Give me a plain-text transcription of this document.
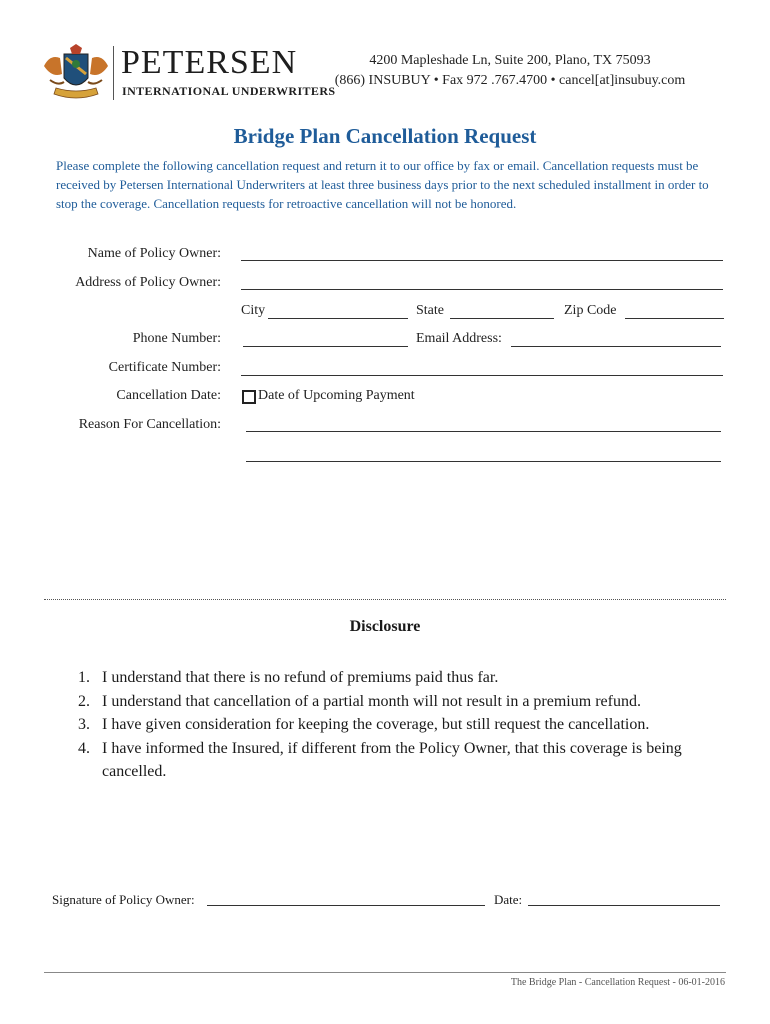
PETERSEN
INTERNATIONAL UNDERWRITERS
4200 Mapleshade Ln, Suite 200, Plano, TX 75093
(866) INSUBUY • Fax 972 .767.4700 • cancel[at]insubuy.com
Bridge Plan Cancellation Request
Please complete the following cancellation request and return it to our office by fax or email. Cancellation requests must be received by Petersen International Underwriters at least three business days prior to the next scheduled installment in order to stop the coverage. Cancellation requests for retroactive cancellation will not be honored.
Name of Policy Owner:
Address of Policy Owner:
City	State	Zip Code
Phone Number:	Email Address:
Certificate Number:
Cancellation Date:	Date of Upcoming Payment
Reason For Cancellation:
Disclosure
1. I understand that there is no refund of premiums paid thus far.
2. I understand that cancellation of a partial month will not result in a premium refund.
3. I have given consideration for keeping the coverage, but still request the cancellation.
4. I have informed the Insured, if different from the Policy Owner, that this coverage is being cancelled.
Signature of Policy Owner:	Date:
The Bridge Plan - Cancellation Request - 06-01-2016
